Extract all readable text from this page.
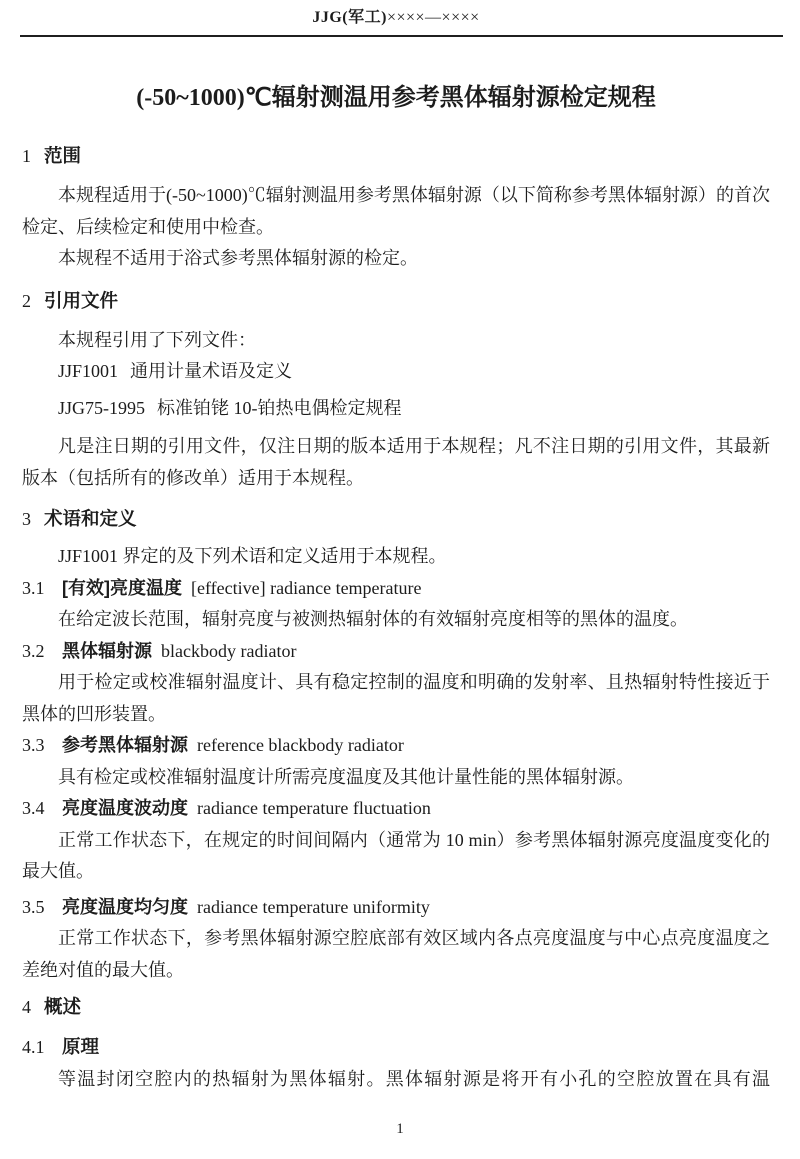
JJG(军工)××××—××××
(-50~1000)℃辐射测温用参考黑体辐射源检定规程
1 范围

本规程适用于(-50~1000)℃辐射测温用参考黑体辐射源（以下简称参考黑体辐射源）的首次检定、后续检定和使用中检查。

本规程不适用于浴式参考黑体辐射源的检定。

2 引用文件

本规程引用了下列文件：

JJF1001 通用计量术语及定义

JJG75-1995 标准铂铑 10-铂热电偶检定规程

凡是注日期的引用文件，仅注日期的版本适用于本规程；凡不注日期的引用文件，其最新版本（包括所有的修改单）适用于本规程。

3 术语和定义

JJF1001 界定的及下列术语和定义适用于本规程。

3.1 [有效]亮度温度 [effective] radiance temperature

在给定波长范围，辐射亮度与被测热辐射体的有效辐射亮度相等的黑体的温度。

3.2 黑体辐射源 blackbody radiator

用于检定或校准辐射温度计、具有稳定控制的温度和明确的发射率、且热辐射特性接近于黑体的凹形装置。

3.3 参考黑体辐射源 reference blackbody radiator

具有检定或校准辐射温度计所需亮度温度及其他计量性能的黑体辐射源。

3.4 亮度温度波动度 radiance temperature fluctuation

正常工作状态下，在规定的时间间隔内（通常为 10 min）参考黑体辐射源亮度温度变化的最大值。

3.5 亮度温度均匀度 radiance temperature uniformity

正常工作状态下，参考黑体辐射源空腔底部有效区域内各点亮度温度与中心点亮度温度之差绝对值的最大值。

4 概述
4.1 原理

等温封闭空腔内的热辐射为黑体辐射。黑体辐射源是将开有小孔的空腔放置在具有温

1
